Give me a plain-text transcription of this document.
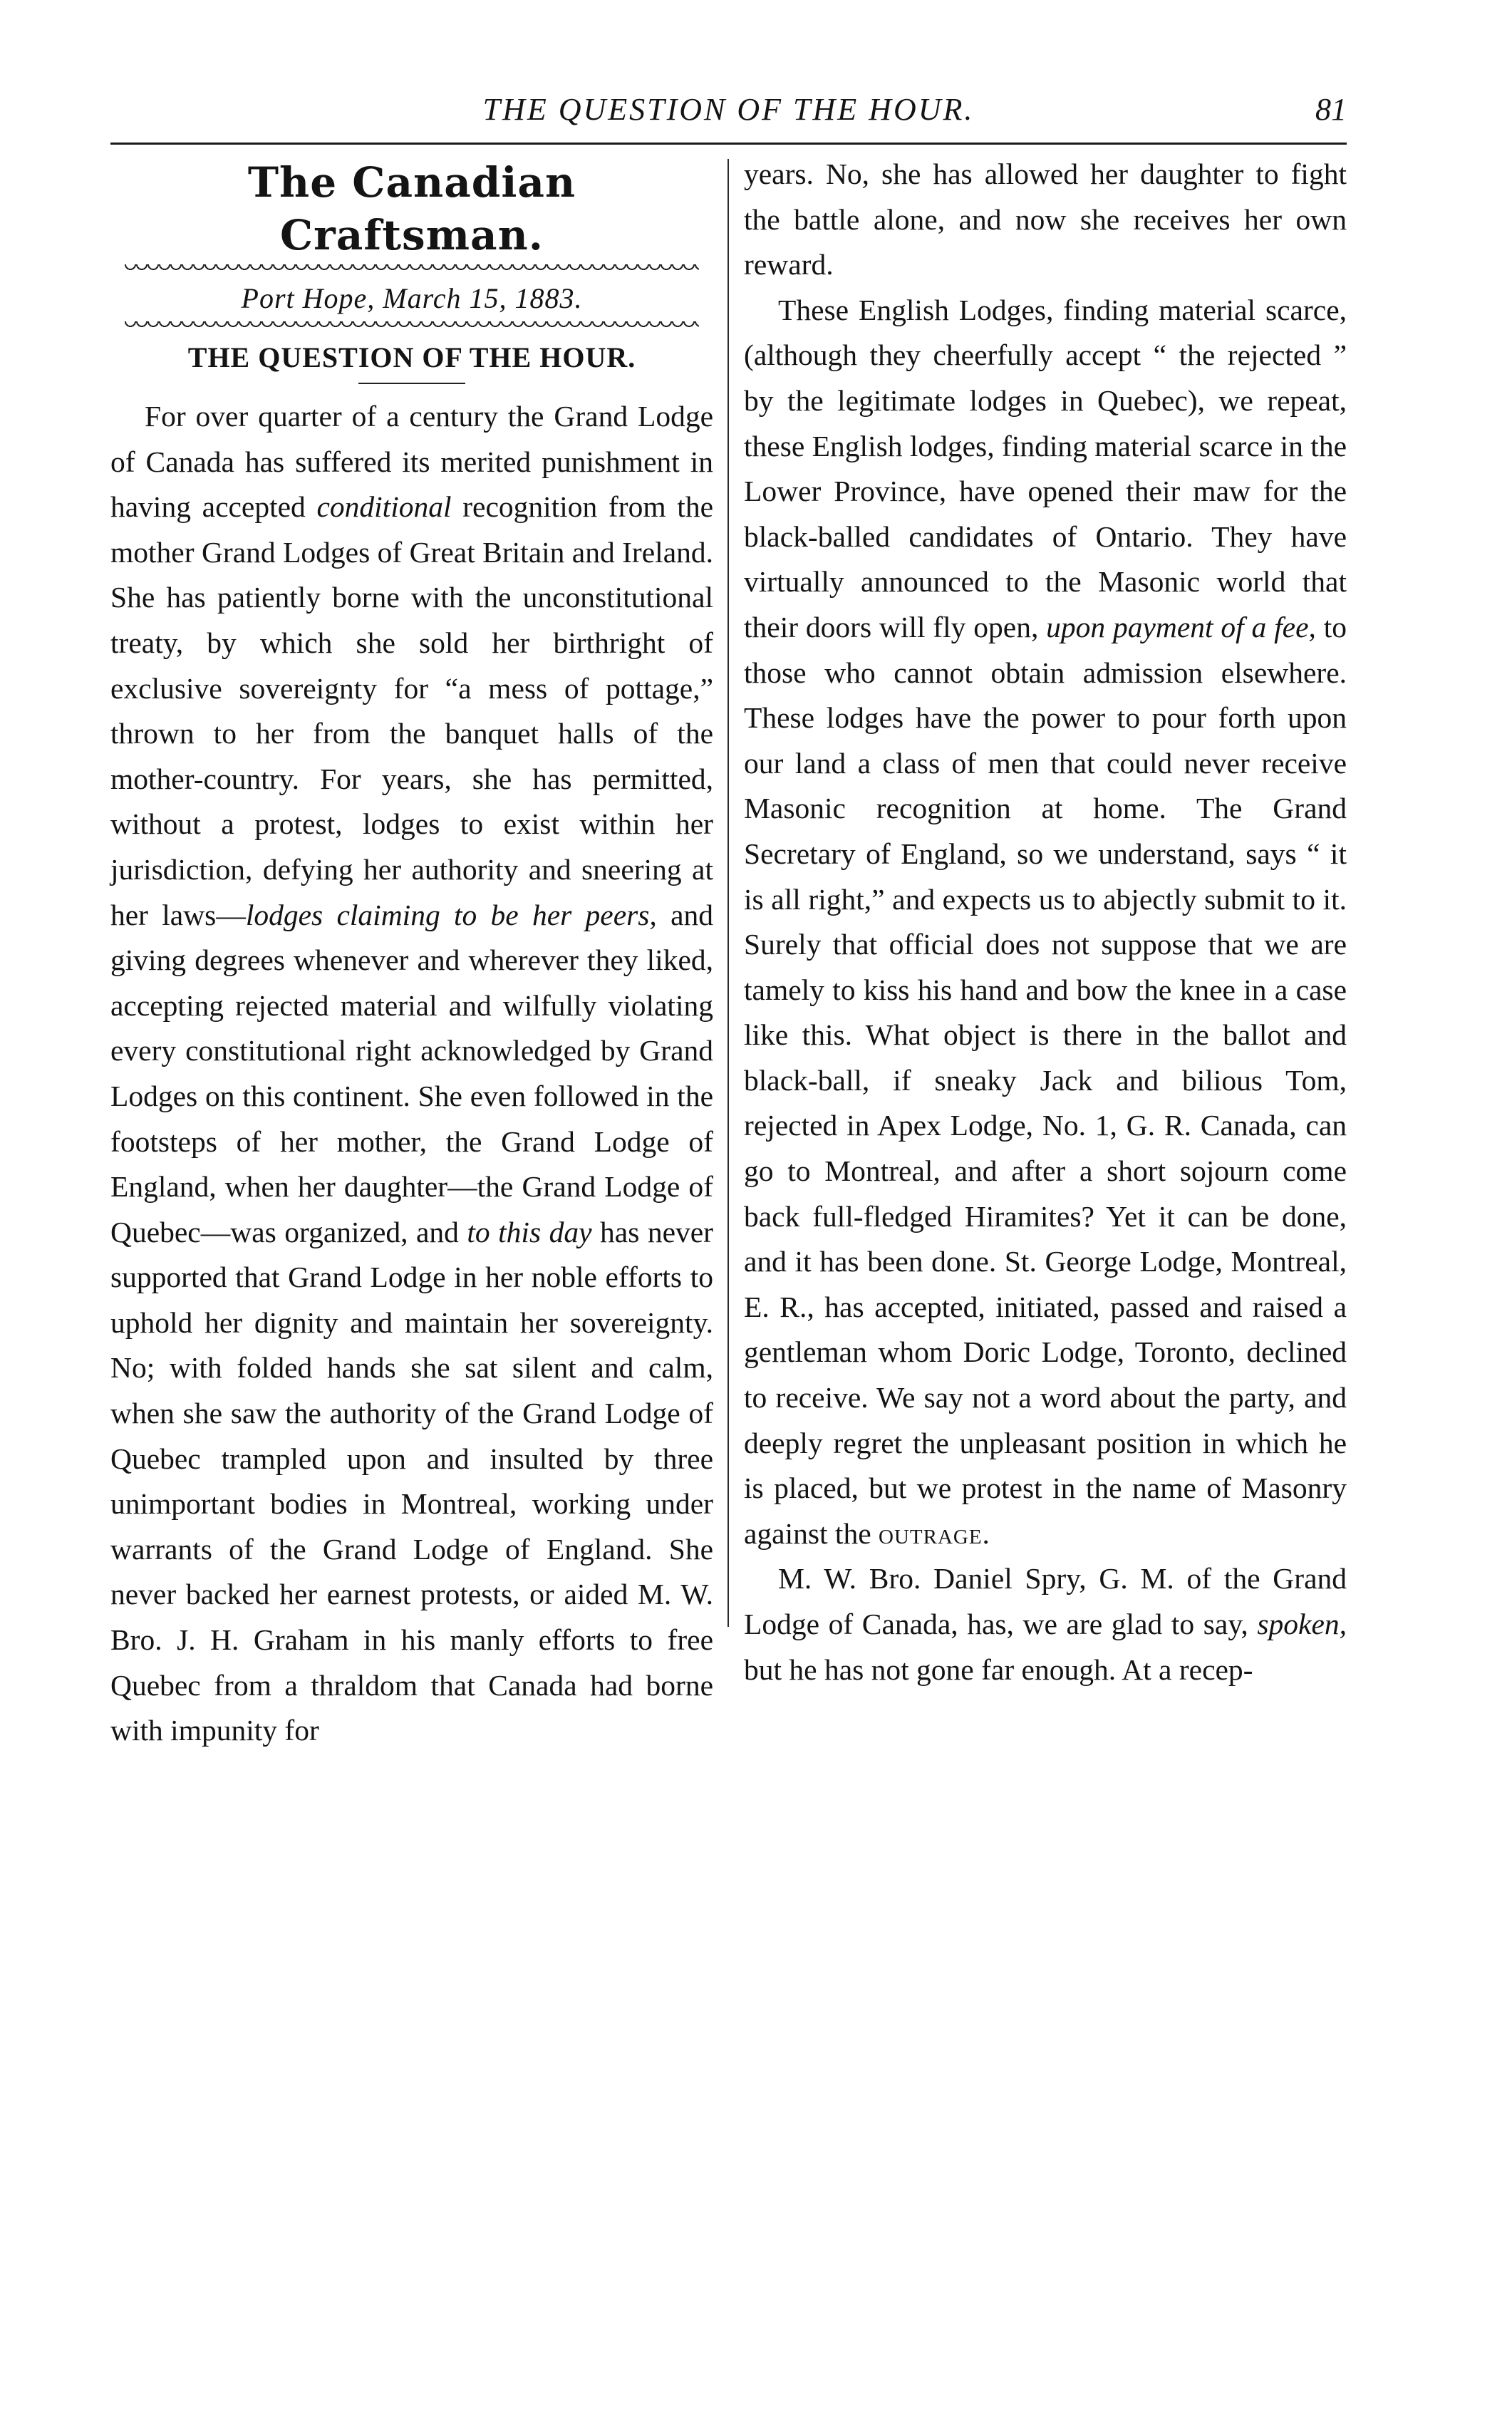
THE QUESTION OF THE HOUR.	81
The Canadian Craftsman.
Port Hope, March 15, 1883.
THE QUESTION OF THE HOUR.

For over quarter of a century the Grand Lodge of Canada has suffered its merited punishment in having accepted conditional recognition from the mother Grand Lodges of Great Britain and Ireland. She has patiently borne with the unconstitutional treaty, by which she sold her birthright of exclusive sovereignty for “a mess of pottage,” thrown to her from the banquet halls of the mother-country. For years, she has permitted, without a protest, lodges to exist within her jurisdiction, defying her authority and sneering at her laws—lodges claiming to be her peers, and giving degrees whenever and wherever they liked, accepting rejected material and wilfully violating every constitutional right acknowledged by Grand Lodges on this continent. She even followed in the footsteps of her mother, the Grand Lodge of England, when her daughter—the Grand Lodge of Quebec—was organized, and to this day has never supported that Grand Lodge in her noble efforts to uphold her dignity and maintain her sovereignty. No; with folded hands she sat silent and calm, when she saw the authority of the Grand Lodge of Quebec trampled upon and insulted by three unimportant bodies in Montreal, working under warrants of the Grand Lodge of England. She never backed her earnest protests, or aided M. W. Bro. J. H. Graham in his manly efforts to free Quebec from a thraldom that Canada had borne with impunity for

years. No, she has allowed her daughter to fight the battle alone, and now she receives her own reward.

These English Lodges, finding material scarce, (although they cheerfully accept “ the rejected ” by the legitimate lodges in Quebec), we repeat, these English lodges, finding material scarce in the Lower Province, have opened their maw for the black-balled candidates of Ontario. They have virtually announced to the Masonic world that their doors will fly open, upon payment of a fee, to those who cannot obtain admission elsewhere. These lodges have the power to pour forth upon our land a class of men that could never receive Masonic recognition at home. The Grand Secretary of England, so we understand, says “ it is all right,” and expects us to abjectly submit to it. Surely that official does not suppose that we are tamely to kiss his hand and bow the knee in a case like this. What object is there in the ballot and black-ball, if sneaky Jack and bilious Tom, rejected in Apex Lodge, No. 1, G. R. Canada, can go to Montreal, and after a short sojourn come back full-fledged Hiramites? Yet it can be done, and it has been done. St. George Lodge, Montreal, E. R., has accepted, initiated, passed and raised a gentleman whom Doric Lodge, Toronto, declined to receive. We say not a word about the party, and deeply regret the unpleasant position in which he is placed, but we protest in the name of Masonry against the outrage.

M. W. Bro. Daniel Spry, G. M. of the Grand Lodge of Canada, has, we are glad to say, spoken, but he has not gone far enough. At a recep-
